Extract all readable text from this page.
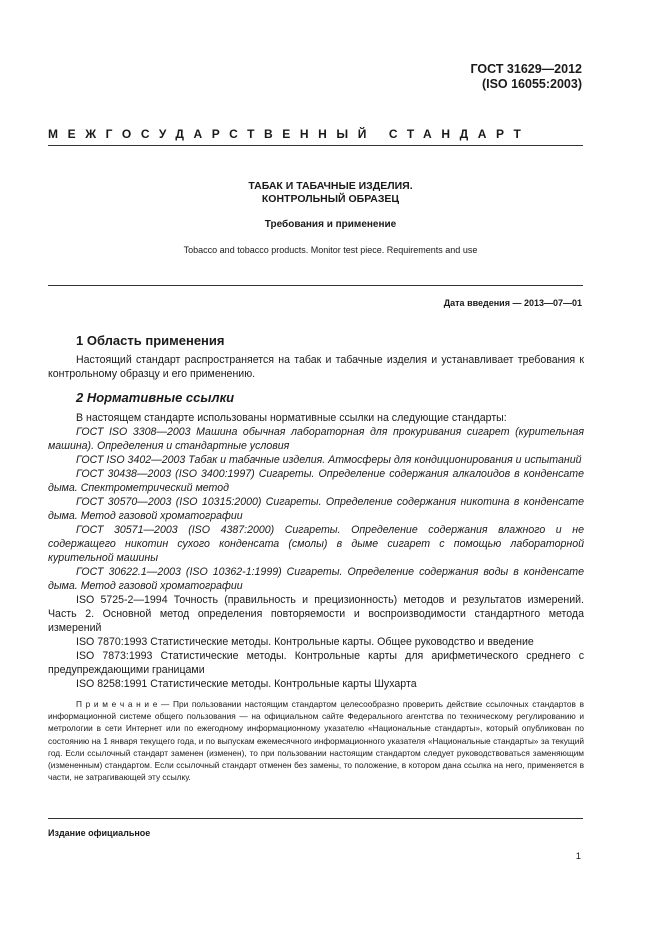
ГОСТ 31629—2012
(ISO 16055:2003)
МЕЖГОСУДАРСТВЕННЫЙ СТАНДАРТ
ТАБАК И ТАБАЧНЫЕ ИЗДЕЛИЯ.
КОНТРОЛЬНЫЙ ОБРАЗЕЦ
Требования и применение
Tobacco and tobacco products. Monitor test piece. Requirements and use
Дата введения — 2013—07—01
1 Область применения

Настоящий стандарт распространяется на табак и табачные изделия и устанавливает требования к контрольному образцу и его применению.

2 Нормативные ссылки

В настоящем стандарте использованы нормативные ссылки на следующие стандарты:

ГОСТ ISO 3308—2003 Машина обычная лабораторная для прокуривания сигарет (курительная машина). Определения и стандартные условия

ГОСТ ISO 3402—2003 Табак и табачные изделия. Атмосферы для кондиционирования и испытаний

ГОСТ 30438—2003 (ISO 3400:1997) Сигареты. Определение содержания алкалоидов в конденсате дыма. Спектрометрический метод

ГОСТ 30570—2003 (ISO 10315:2000) Сигареты. Определение содержания никотина в конденсате дыма. Метод газовой хроматографии

ГОСТ 30571—2003 (ISO 4387:2000) Сигареты. Определение содержания влажного и не содержащего никотин сухого конденсата (смолы) в дыме сигарет с помощью лабораторной курительной машины

ГОСТ 30622.1—2003 (ISO 10362-1:1999) Сигареты. Определение содержания воды в конденсате дыма. Метод газовой хроматографии

ISO 5725-2—1994 Точность (правильность и прецизионность) методов и результатов измерений. Часть 2. Основной метод определения повторяемости и воспроизводимости стандартного метода измерений

ISO 7870:1993 Статистические методы. Контрольные карты. Общее руководство и введение

ISO 7873:1993 Статистические методы. Контрольные карты для арифметического среднего с предупреждающими границами

ISO 8258:1991 Статистические методы. Контрольные карты Шухарта

П р и м е ч а н и е — При пользовании настоящим стандартом целесообразно проверить действие ссылочных стандартов в информационной системе общего пользования — на официальном сайте Федерального агентства по техническому регулированию и метрологии в сети Интернет или по ежегодному информационному указателю «Национальные стандарты», который опубликован по состоянию на 1 января текущего года, и по выпускам ежемесячного информационного указателя «Национальные стандарты» за текущий год. Если ссылочный стандарт заменен (изменен), то при пользовании настоящим стандартом следует руководствоваться заменяющим (измененным) стандартом. Если ссылочный стандарт отменен без замены, то положение, в котором дана ссылка на него, применяется в части, не затрагивающей эту ссылку.
Издание официальное
1
